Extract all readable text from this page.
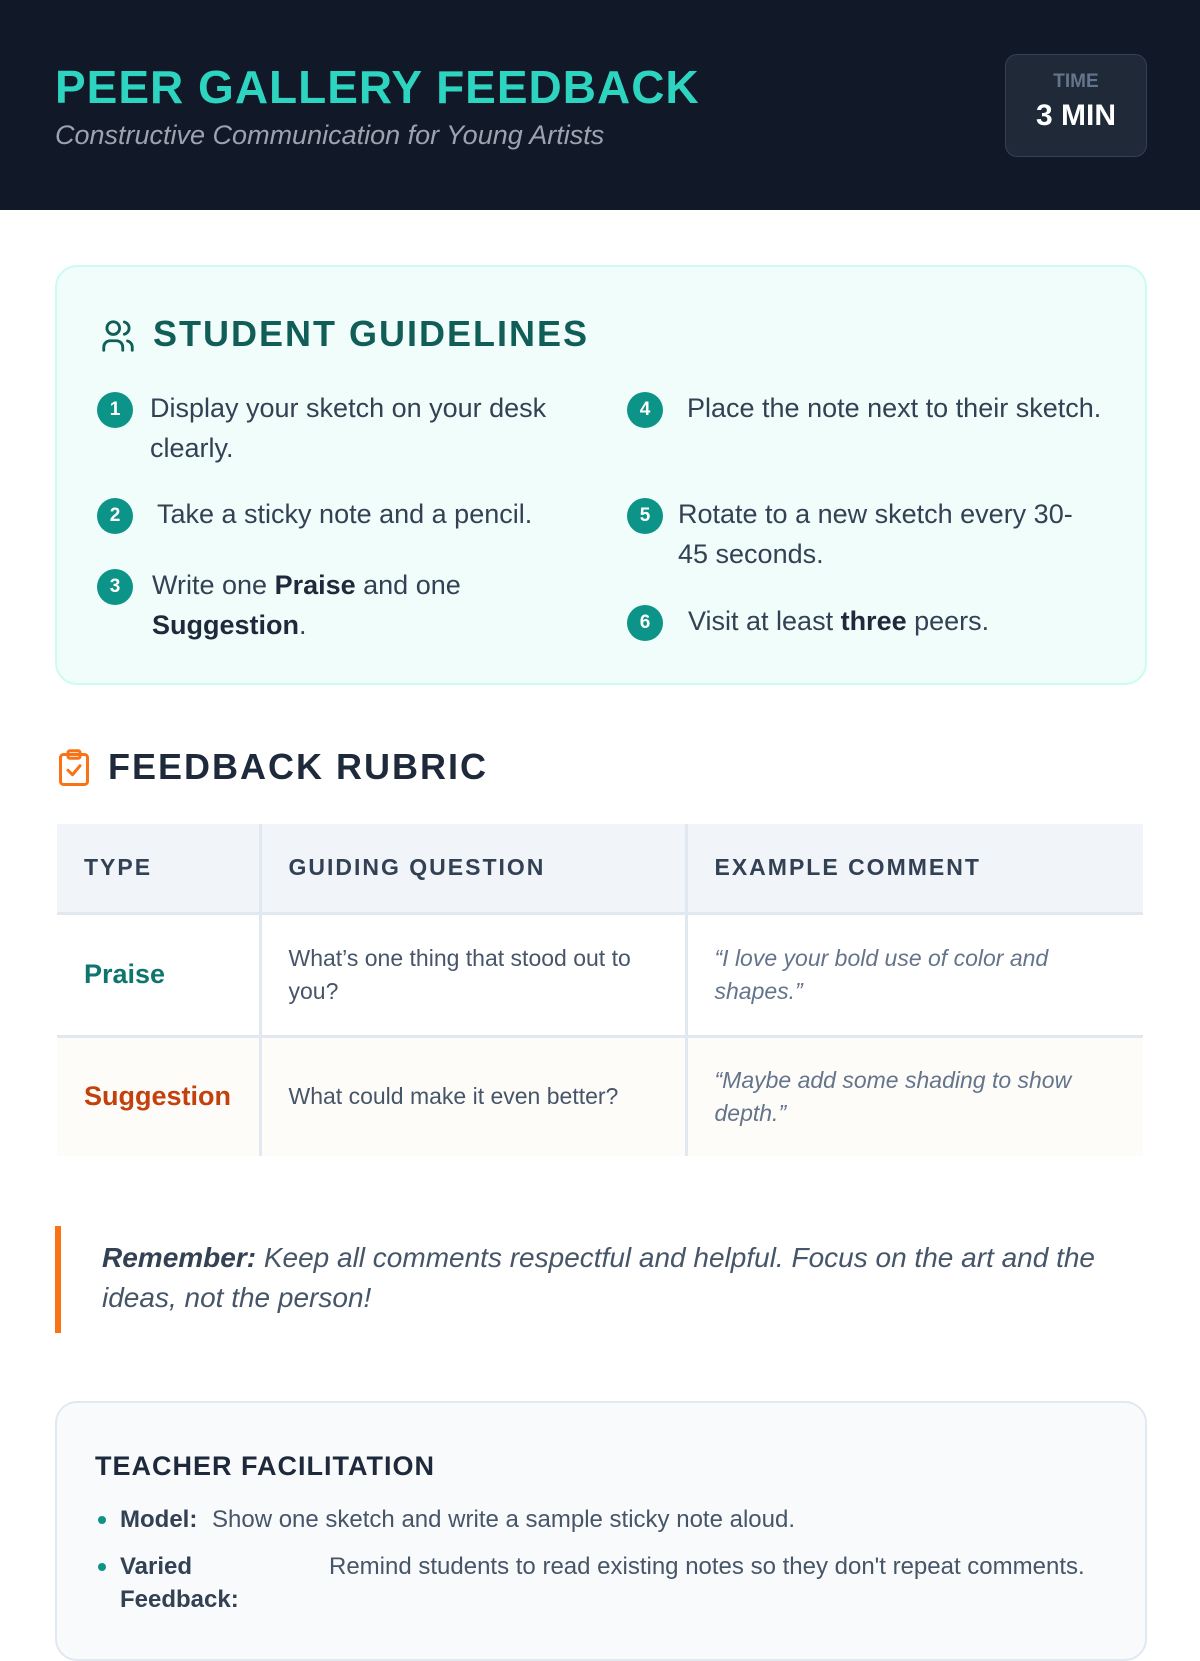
PEER GALLERY FEEDBACK
Constructive Communication for Young Artists
TIME
3 MIN
STUDENT GUIDELINES
1	Display your sketch on your desk clearly.
2	Take a sticky note and a pencil.
3	Write one Praise and one Suggestion.
4	Place the note next to their sketch.
5	Rotate to a new sketch every 30-45 seconds.
6	Visit at least three peers.
FEEDBACK RUBRIC
TYPE	GUIDING QUESTION	EXAMPLE COMMENT
Praise	What’s one thing that stood out to you?	“I love your bold use of color and shapes.”
Suggestion	What could make it even better?	“Maybe add some shading to show depth.”
Remember: Keep all comments respectful and helpful. Focus on the art and the ideas, not the person!
TEACHER FACILITATION
Model: Show one sketch and write a sample sticky note aloud.
Varied Feedback:
Remind students to read existing notes so they don't repeat comments.
